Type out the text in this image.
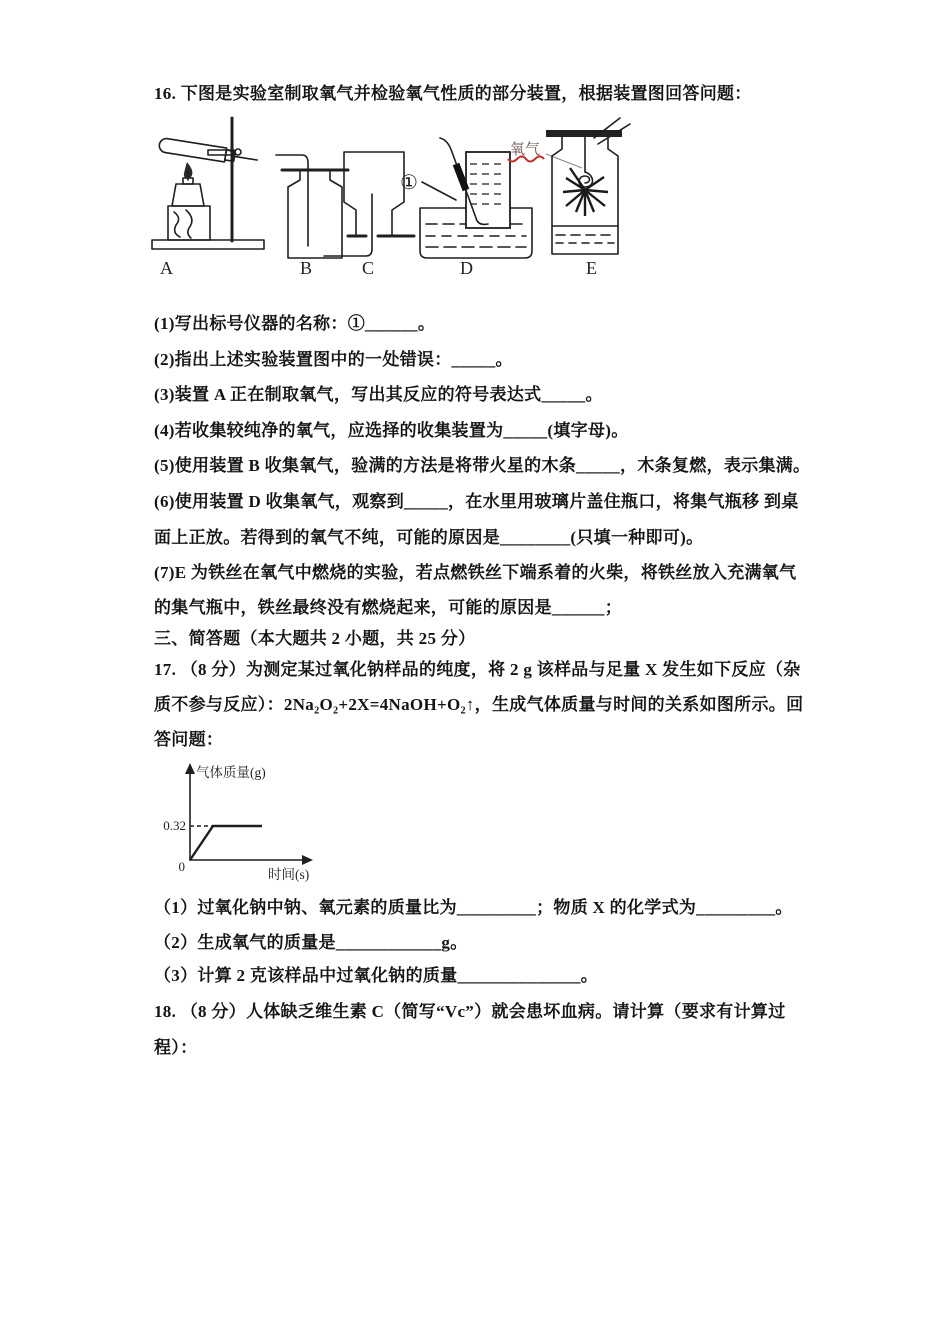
16. 下图是实验室制取氧气并检验氧气性质的部分装置，根据装置图回答问题：

①
氧气
A	B	C	D	E

(1)写出标号仪器的名称：①______。

(2)指出上述实验装置图中的一处错误：_____。

(3)装置 A 正在制取氧气，写出其反应的符号表达式_____。

(4)若收集较纯净的氧气，应选择的收集装置为_____(填字母)。

(5)使用装置 B 收集氧气，验满的方法是将带火星的木条_____，木条复燃，表示集满。

(6)使用装置 D 收集氧气，观察到_____，在水里用玻璃片盖住瓶口，将集气瓶移 到桌

面上正放。若得到的氧气不纯，可能的原因是________(只填一种即可)。

(7)E 为铁丝在氧气中燃烧的实验，若点燃铁丝下端系着的火柴，将铁丝放入充满氧气

的集气瓶中，铁丝最终没有燃烧起来，可能的原因是______；

三、简答题（本大题共 2 小题，共 25 分）

17. （8 分）为测定某过氧化钠样品的纯度，将 2 g 该样品与足量 X 发生如下反应（杂

质不参与反应）：2Na₂O₂+2X=4NaOH+O₂↑，生成气体质量与时间的关系如图所示。回

答问题：

气体质量(g)
0.32
0
时间(s)

（1）过氧化钠中钠、氧元素的质量比为_________；物质 X 的化学式为_________。

（2）生成氧气的质量是____________g。

（3）计算 2 克该样品中过氧化钠的质量______________。

18. （8 分）人体缺乏维生素 C（简写“Vc”）就会患坏血病。请计算（要求有计算过

程）：
